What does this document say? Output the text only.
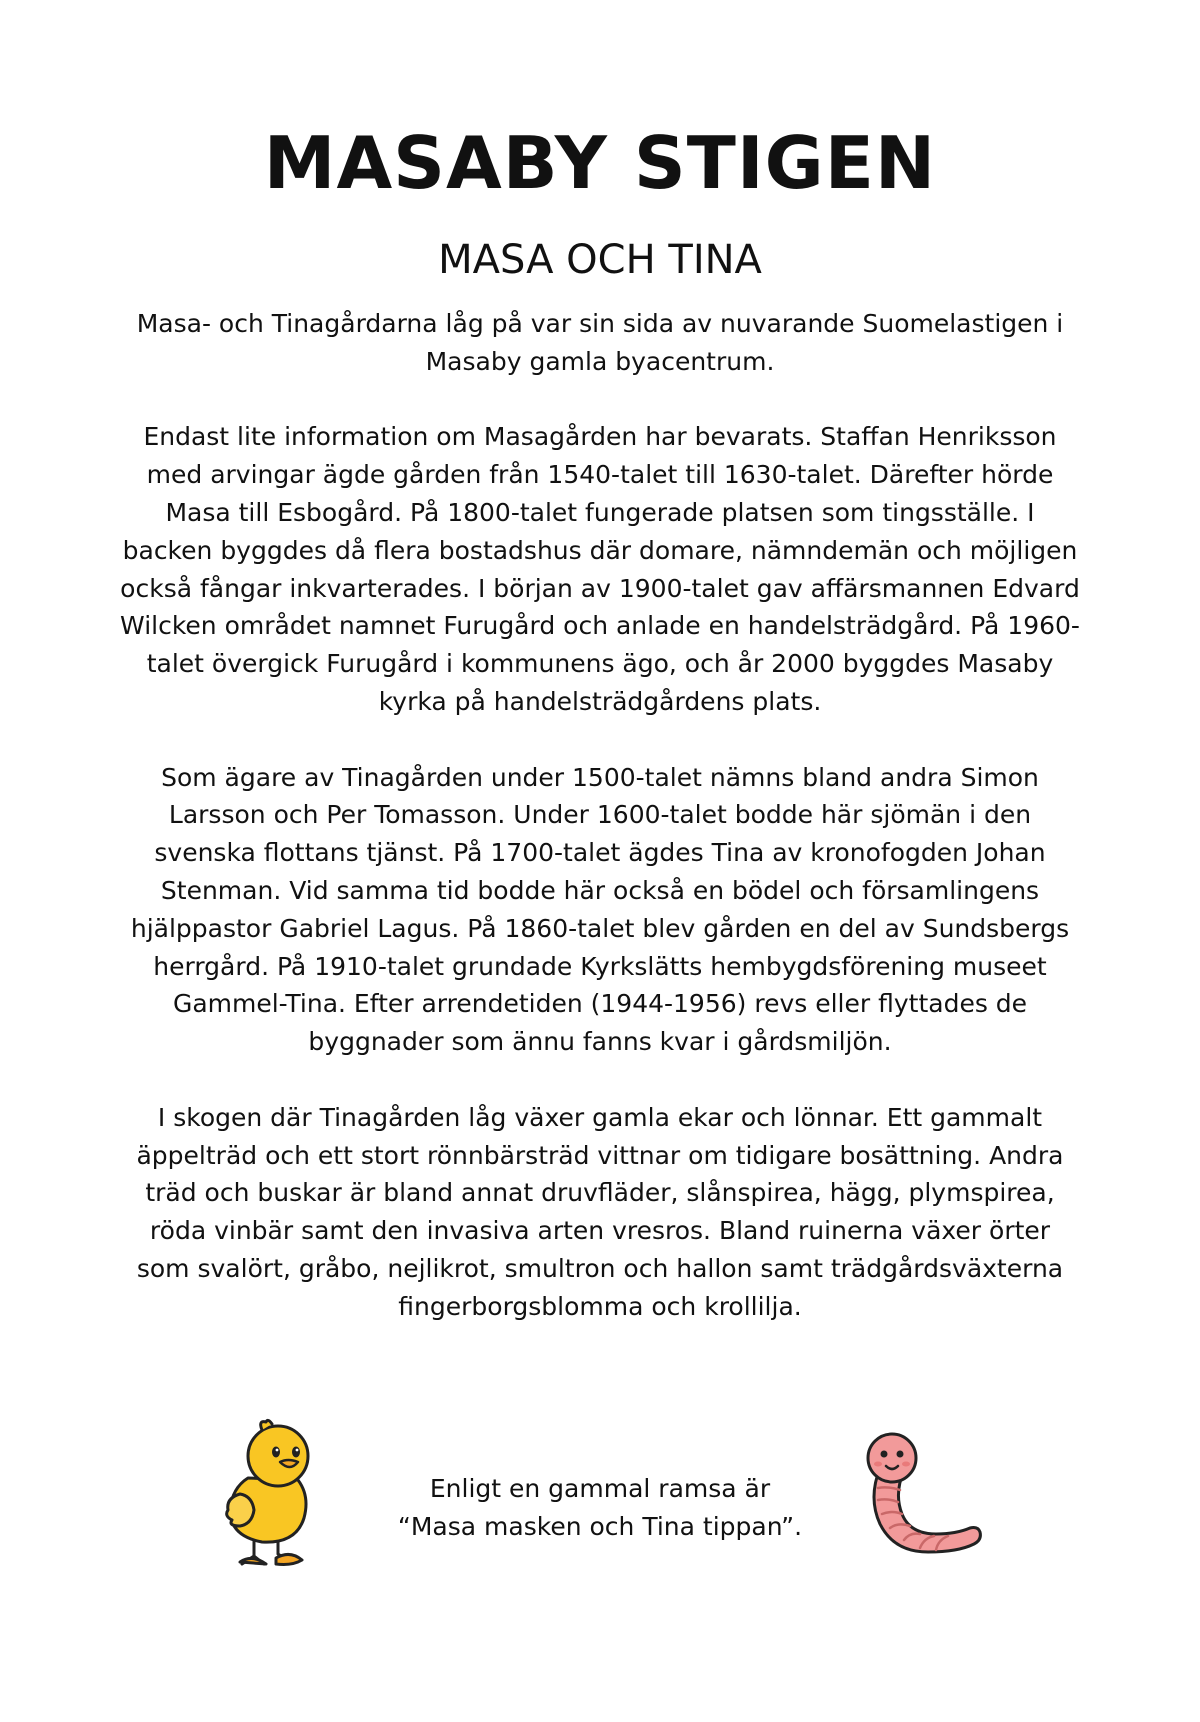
MASABY STIGEN
MASA OCH TINA

Masa- och Tinagårdarna låg på var sin sida av nuvarande Suomelastigen i Masaby gamla byacentrum.

Endast lite information om Masagården har bevarats. Staffan Henriksson med arvingar ägde gården från 1540-talet till 1630-talet. Därefter hörde Masa till Esbogård. På 1800-talet fungerade platsen som tingsställe. I backen byggdes då flera bostadshus där domare, nämndemän och möjligen också fångar inkvarterades. I början av 1900-talet gav affärsmannen Edvard Wilcken området namnet Furugård och anlade en handelsträdgård. På 1960-talet övergick Furugård i kommunens ägo, och år 2000 byggdes Masaby kyrka på handelsträdgårdens plats.

Som ägare av Tinagården under 1500-talet nämns bland andra Simon Larsson och Per Tomasson. Under 1600-talet bodde här sjömän i den svenska flottans tjänst. På 1700-talet ägdes Tina av kronofogden Johan Stenman. Vid samma tid bodde här också en bödel och församlingens hjälppastor Gabriel Lagus. På 1860-talet blev gården en del av Sundsbergs herrgård. På 1910-talet grundade Kyrkslätts hembygdsförening museet Gammel-Tina. Efter arrendetiden (1944-1956) revs eller flyttades de byggnader som ännu fanns kvar i gårdsmiljön.

I skogen där Tinagården låg växer gamla ekar och lönnar. Ett gammalt äppelträd och ett stort rönnbärsträd vittnar om tidigare bosättning. Andra träd och buskar är bland annat druvfläder, slånspirea, hägg, plymspirea, röda vinbär samt den invasiva arten vresros. Bland ruinerna växer örter som svalört, gråbo, nejlikrot, smultron och hallon samt trädgårdsväxterna fingerborgsblomma och krollilja.

Enligt en gammal ramsa är
“Masa masken och Tina tippan”.
